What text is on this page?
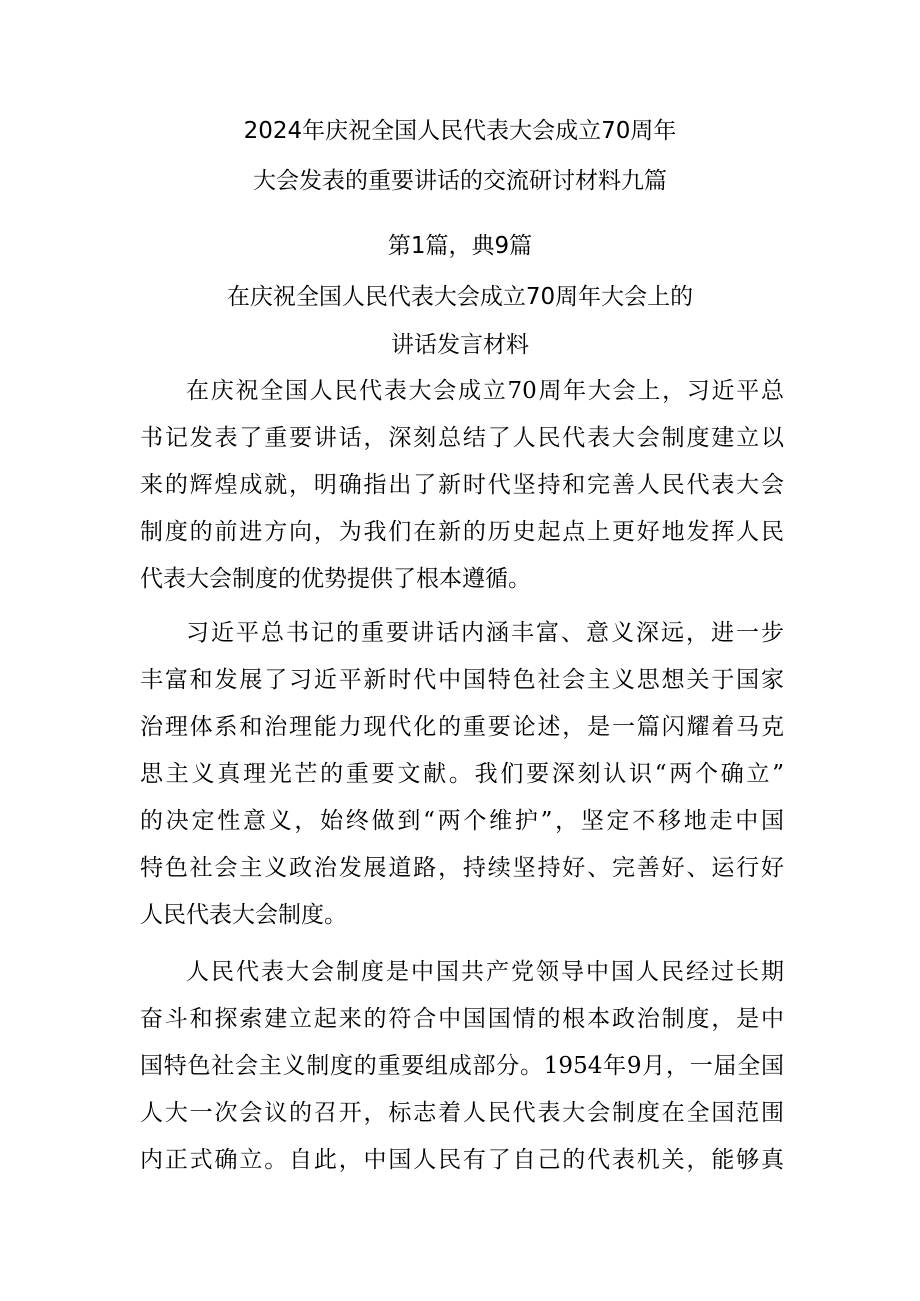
2024年庆祝全国人民代表大会成立70周年
大会发表的重要讲话的交流研讨材料九篇
第1篇，典9篇
在庆祝全国人民代表大会成立70周年大会上的
讲话发言材料
在庆祝全国人民代表大会成立70周年大会上，习近平总
书记发表了重要讲话，深刻总结了人民代表大会制度建立以
来的辉煌成就，明确指出了新时代坚持和完善人民代表大会
制度的前进方向，为我们在新的历史起点上更好地发挥人民
代表大会制度的优势提供了根本遵循。
习近平总书记的重要讲话内涵丰富、意义深远，进一步
丰富和发展了习近平新时代中国特色社会主义思想关于国家
治理体系和治理能力现代化的重要论述，是一篇闪耀着马克
思主义真理光芒的重要文献。我们要深刻认识“两个确立”
的决定性意义，始终做到“两个维护”，坚定不移地走中国
特色社会主义政治发展道路，持续坚持好、完善好、运行好
人民代表大会制度。
人民代表大会制度是中国共产党领导中国人民经过长期
奋斗和探索建立起来的符合中国国情的根本政治制度，是中
国特色社会主义制度的重要组成部分。1954年9月，一届全国
人大一次会议的召开，标志着人民代表大会制度在全国范围
内正式确立。自此，中国人民有了自己的代表机关，能够真
